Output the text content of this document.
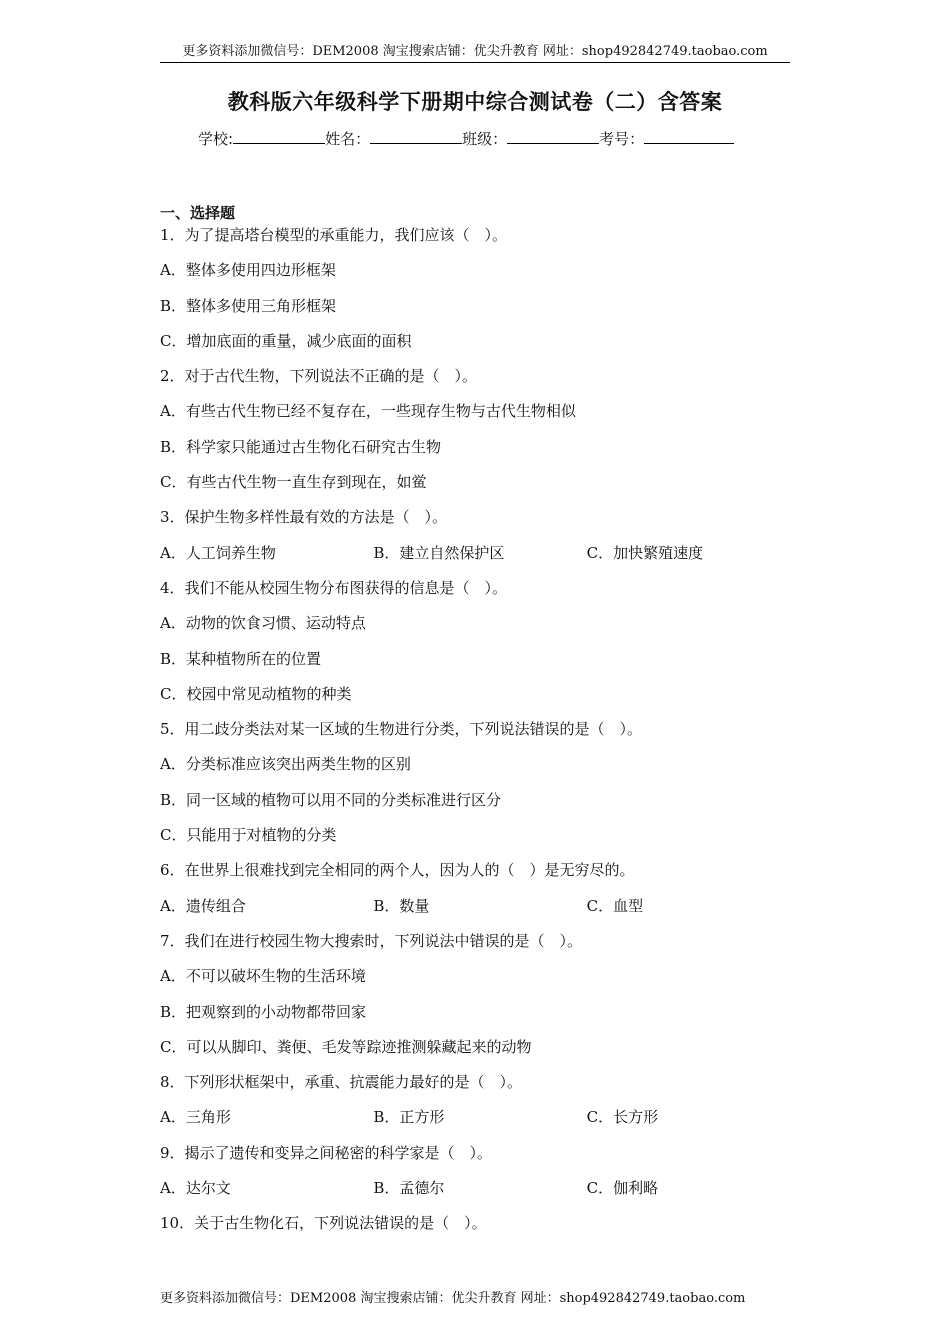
更多资料添加微信号：DEM2008 淘宝搜索店铺：优尖升教育 网址：shop492842749.taobao.com
教科版六年级科学下册期中综合测试卷（二）含答案
学校:	姓名：	班级：	考号：
一、选择题
1．为了提高塔台模型的承重能力，我们应该（　）。
A．整体多使用四边形框架
B．整体多使用三角形框架
C．增加底面的重量，减少底面的面积
2．对于古代生物，下列说法不正确的是（　）。
A．有些古代生物已经不复存在，一些现存生物与古代生物相似
B．科学家只能通过古生物化石研究古生物
C．有些古代生物一直生存到现在，如鲎
3．保护生物多样性最有效的方法是（　）。
A．人工饲养生物	B．建立自然保护区	C．加快繁殖速度
4．我们不能从校园生物分布图获得的信息是（　）。
A．动物的饮食习惯、运动特点
B．某种植物所在的位置
C．校园中常见动植物的种类
5．用二歧分类法对某一区域的生物进行分类，下列说法错误的是（　）。
A．分类标准应该突出两类生物的区别
B．同一区域的植物可以用不同的分类标准进行区分
C．只能用于对植物的分类
6．在世界上很难找到完全相同的两个人，因为人的（　）是无穷尽的。
A．遗传组合	B．数量	C．血型
7．我们在进行校园生物大搜索时，下列说法中错误的是（　）。
A．不可以破坏生物的生活环境
B．把观察到的小动物都带回家
C．可以从脚印、粪便、毛发等踪迹推测躲藏起来的动物
8．下列形状框架中，承重、抗震能力最好的是（　）。
A．三角形	B．正方形	C．长方形
9．揭示了遗传和变异之间秘密的科学家是（　）。
A．达尔文	B．孟德尔	C．伽利略
10．关于古生物化石，下列说法错误的是（　）。
更多资料添加微信号：DEM2008 淘宝搜索店铺：优尖升教育 网址：shop492842749.taobao.com
